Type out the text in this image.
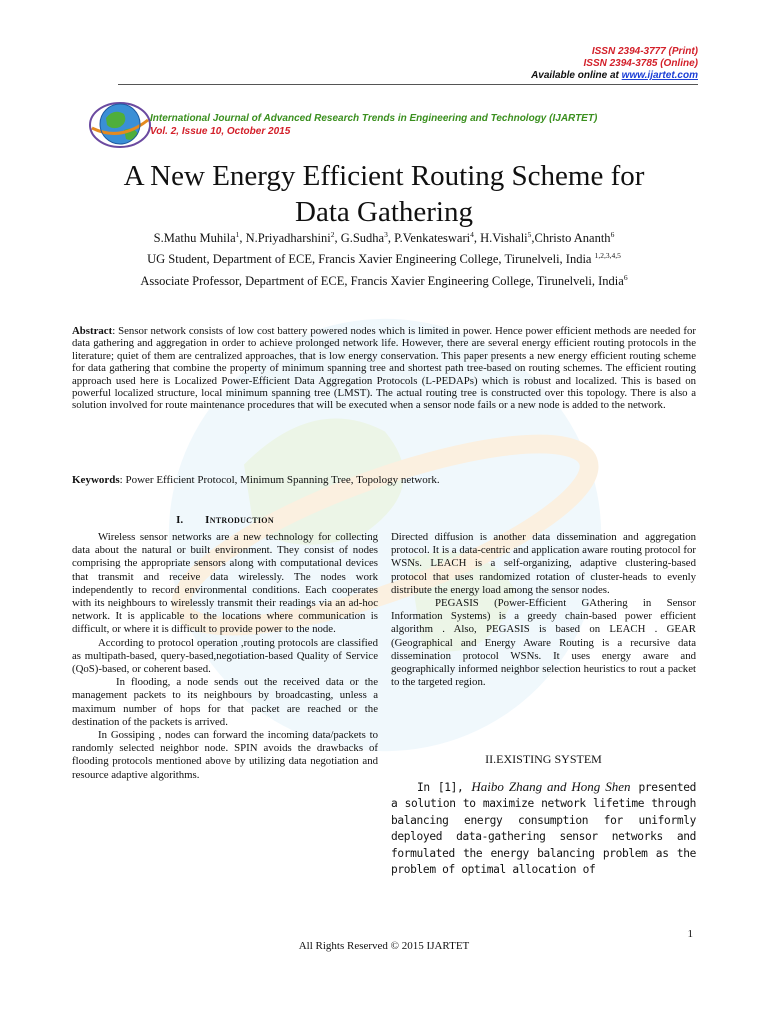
ISSN 2394-3777 (Print)
ISSN 2394-3785 (Online)
Available online at www.ijartet.com
International Journal of Advanced Research Trends in Engineering and Technology (IJARTET)
Vol. 2, Issue 10, October 2015
A New Energy Efficient Routing Scheme for
Data Gathering
S.Mathu Muhila$^1$, N.Priyadharshini$^2$, G.Sudha$^3$, P.Venkateswari$^4$, H.Vishali$^5$,Christo Ananth$^6$
UG Student, Department of ECE, Francis Xavier Engineering College, Tirunelveli, India $^{1,2,3,4,5}$
Associate Professor, Department of ECE, Francis Xavier Engineering College, Tirunelveli, India$^6$
Abstract: Sensor network consists of low cost battery powered nodes which is limited in power. Hence power efficient methods are needed for data gathering and aggregation in order to achieve prolonged network life. However, there are several energy efficient routing protocols in the literature; quiet of them are centralized approaches, that is low energy conservation. This paper presents a new energy efficient routing scheme for data gathering that combine the property of minimum spanning tree and shortest path tree-based on routing schemes. The efficient routing approach used here is Localized Power-Efficient Data Aggregation Protocols (L-PEDAPs) which is robust and localized. This is based on powerful localized structure, local minimum spanning tree (LMST). The actual routing tree is constructed over this topology. There is also a solution involved for route maintenance procedures that will be executed when a sensor node fails or a new node is added to the network.
Keywords: Power Efficient Protocol, Minimum Spanning Tree, Topology network.
I. Introduction

Wireless sensor networks are a new technology for collecting data about the natural or built environment. They consist of nodes comprising the appropriate sensors along with computational devices that transmit and receive data wirelessly. The nodes work independently to record environmental conditions. Each cooperates with its neighbours to wirelessly transmit their readings via an ad-hoc network. It is applicable to the locations where communication is difficult, or where it is difficult to provide power to the node.

According to protocol operation ,routing protocols are classified as multipath-based, query-based,negotiation-based Quality of Service (QoS)-based, or coherent based.

In flooding, a node sends out the received data or the management packets to its neighbours by broadcasting, unless a maximum number of hops for that packet are reached or the destination of the packets is arrived.

In Gossiping , nodes can forward the incoming data/packets to randomly selected neighbor node. SPIN avoids the drawbacks of flooding protocols mentioned above by utilizing data negotiation and resource adaptive algorithms.

Directed diffusion is another data dissemination and aggregation protocol. It is a data-centric and application aware routing protocol for WSNs. LEACH is a self-organizing, adaptive clustering-based protocol that uses randomized rotation of cluster-heads to evenly distribute the energy load among the sensor nodes.

PEGASIS (Power-Efficient GAthering in Sensor Information Systems) is a greedy chain-based power efficient algorithm . Also, PEGASIS is based on LEACH . GEAR (Geographical and Energy Aware Routing is a recursive data dissemination protocol WSNs. It uses energy aware and geographically informed neighbor selection heuristics to rout a packet to the targeted region.

II.EXISTING SYSTEM
In [1], Haibo Zhang and Hong Shen presented a solution to maximize network lifetime through balancing energy consumption for uniformly deployed data-gathering sensor networks and formulated the energy balancing problem as the problem of optimal allocation of
1
All Rights Reserved © 2015 IJARTET
